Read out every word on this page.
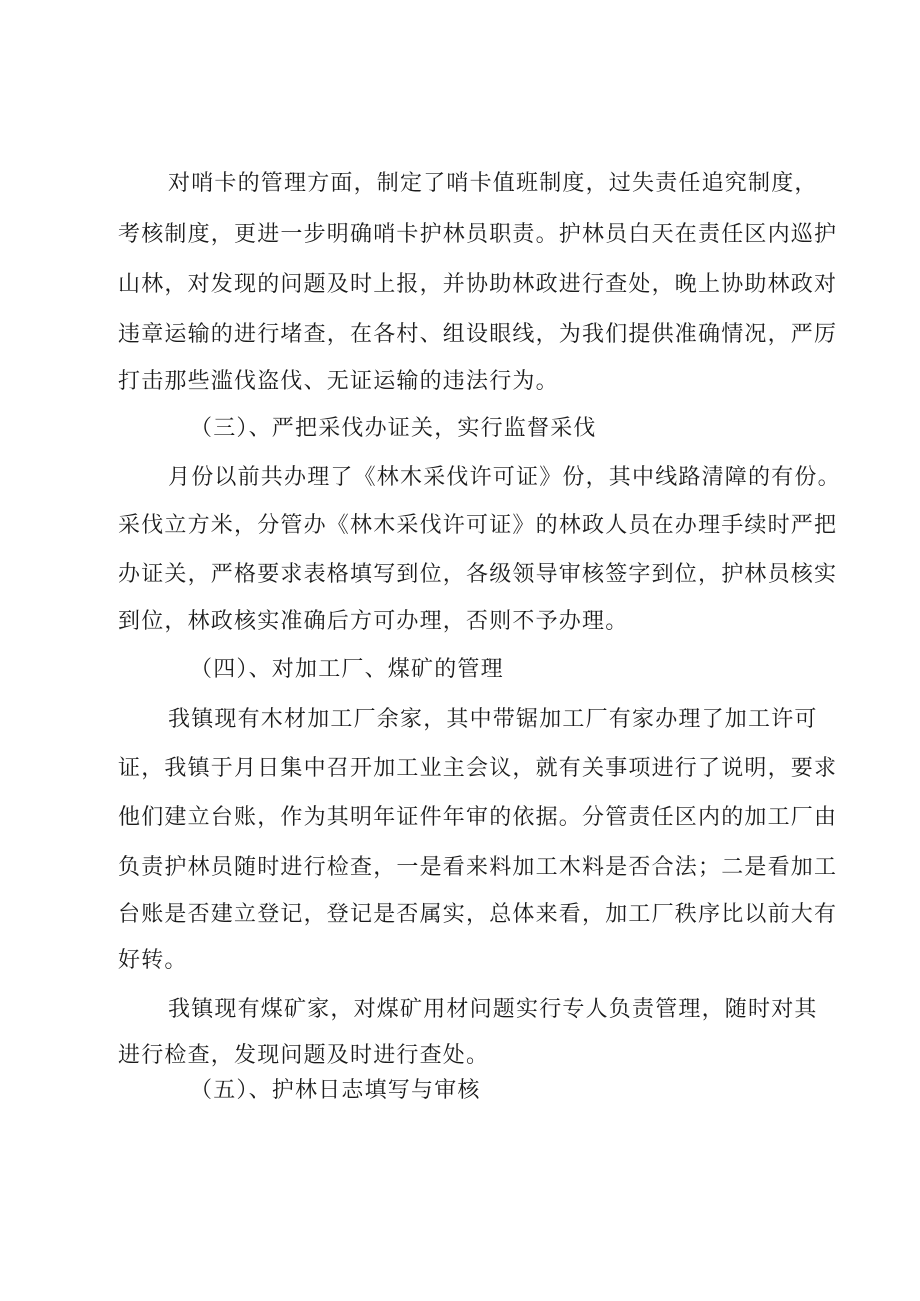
对哨卡的管理方面，制定了哨卡值班制度，过失责任追究制度，
考核制度，更进一步明确哨卡护林员职责。护林员白天在责任区内巡护
山林，对发现的问题及时上报，并协助林政进行查处，晚上协助林政对
违章运输的进行堵查，在各村、组设眼线，为我们提供准确情况，严厉
打击那些滥伐盗伐、无证运输的违法行为。
（三）、严把采伐办证关，实行监督采伐
月份以前共办理了《林木采伐许可证》份，其中线路清障的有份。
采伐立方米，分管办《林木采伐许可证》的林政人员在办理手续时严把
办证关，严格要求表格填写到位，各级领导审核签字到位，护林员核实
到位，林政核实准确后方可办理，否则不予办理。
（四）、对加工厂、煤矿的管理
我镇现有木材加工厂余家，其中带锯加工厂有家办理了加工许可
证，我镇于月日集中召开加工业主会议，就有关事项进行了说明，要求
他们建立台账，作为其明年证件年审的依据。分管责任区内的加工厂由
负责护林员随时进行检查，一是看来料加工木料是否合法；二是看加工
台账是否建立登记，登记是否属实，总体来看，加工厂秩序比以前大有
好转。
我镇现有煤矿家，对煤矿用材问题实行专人负责管理，随时对其
进行检查，发现问题及时进行查处。
（五）、护林日志填写与审核
